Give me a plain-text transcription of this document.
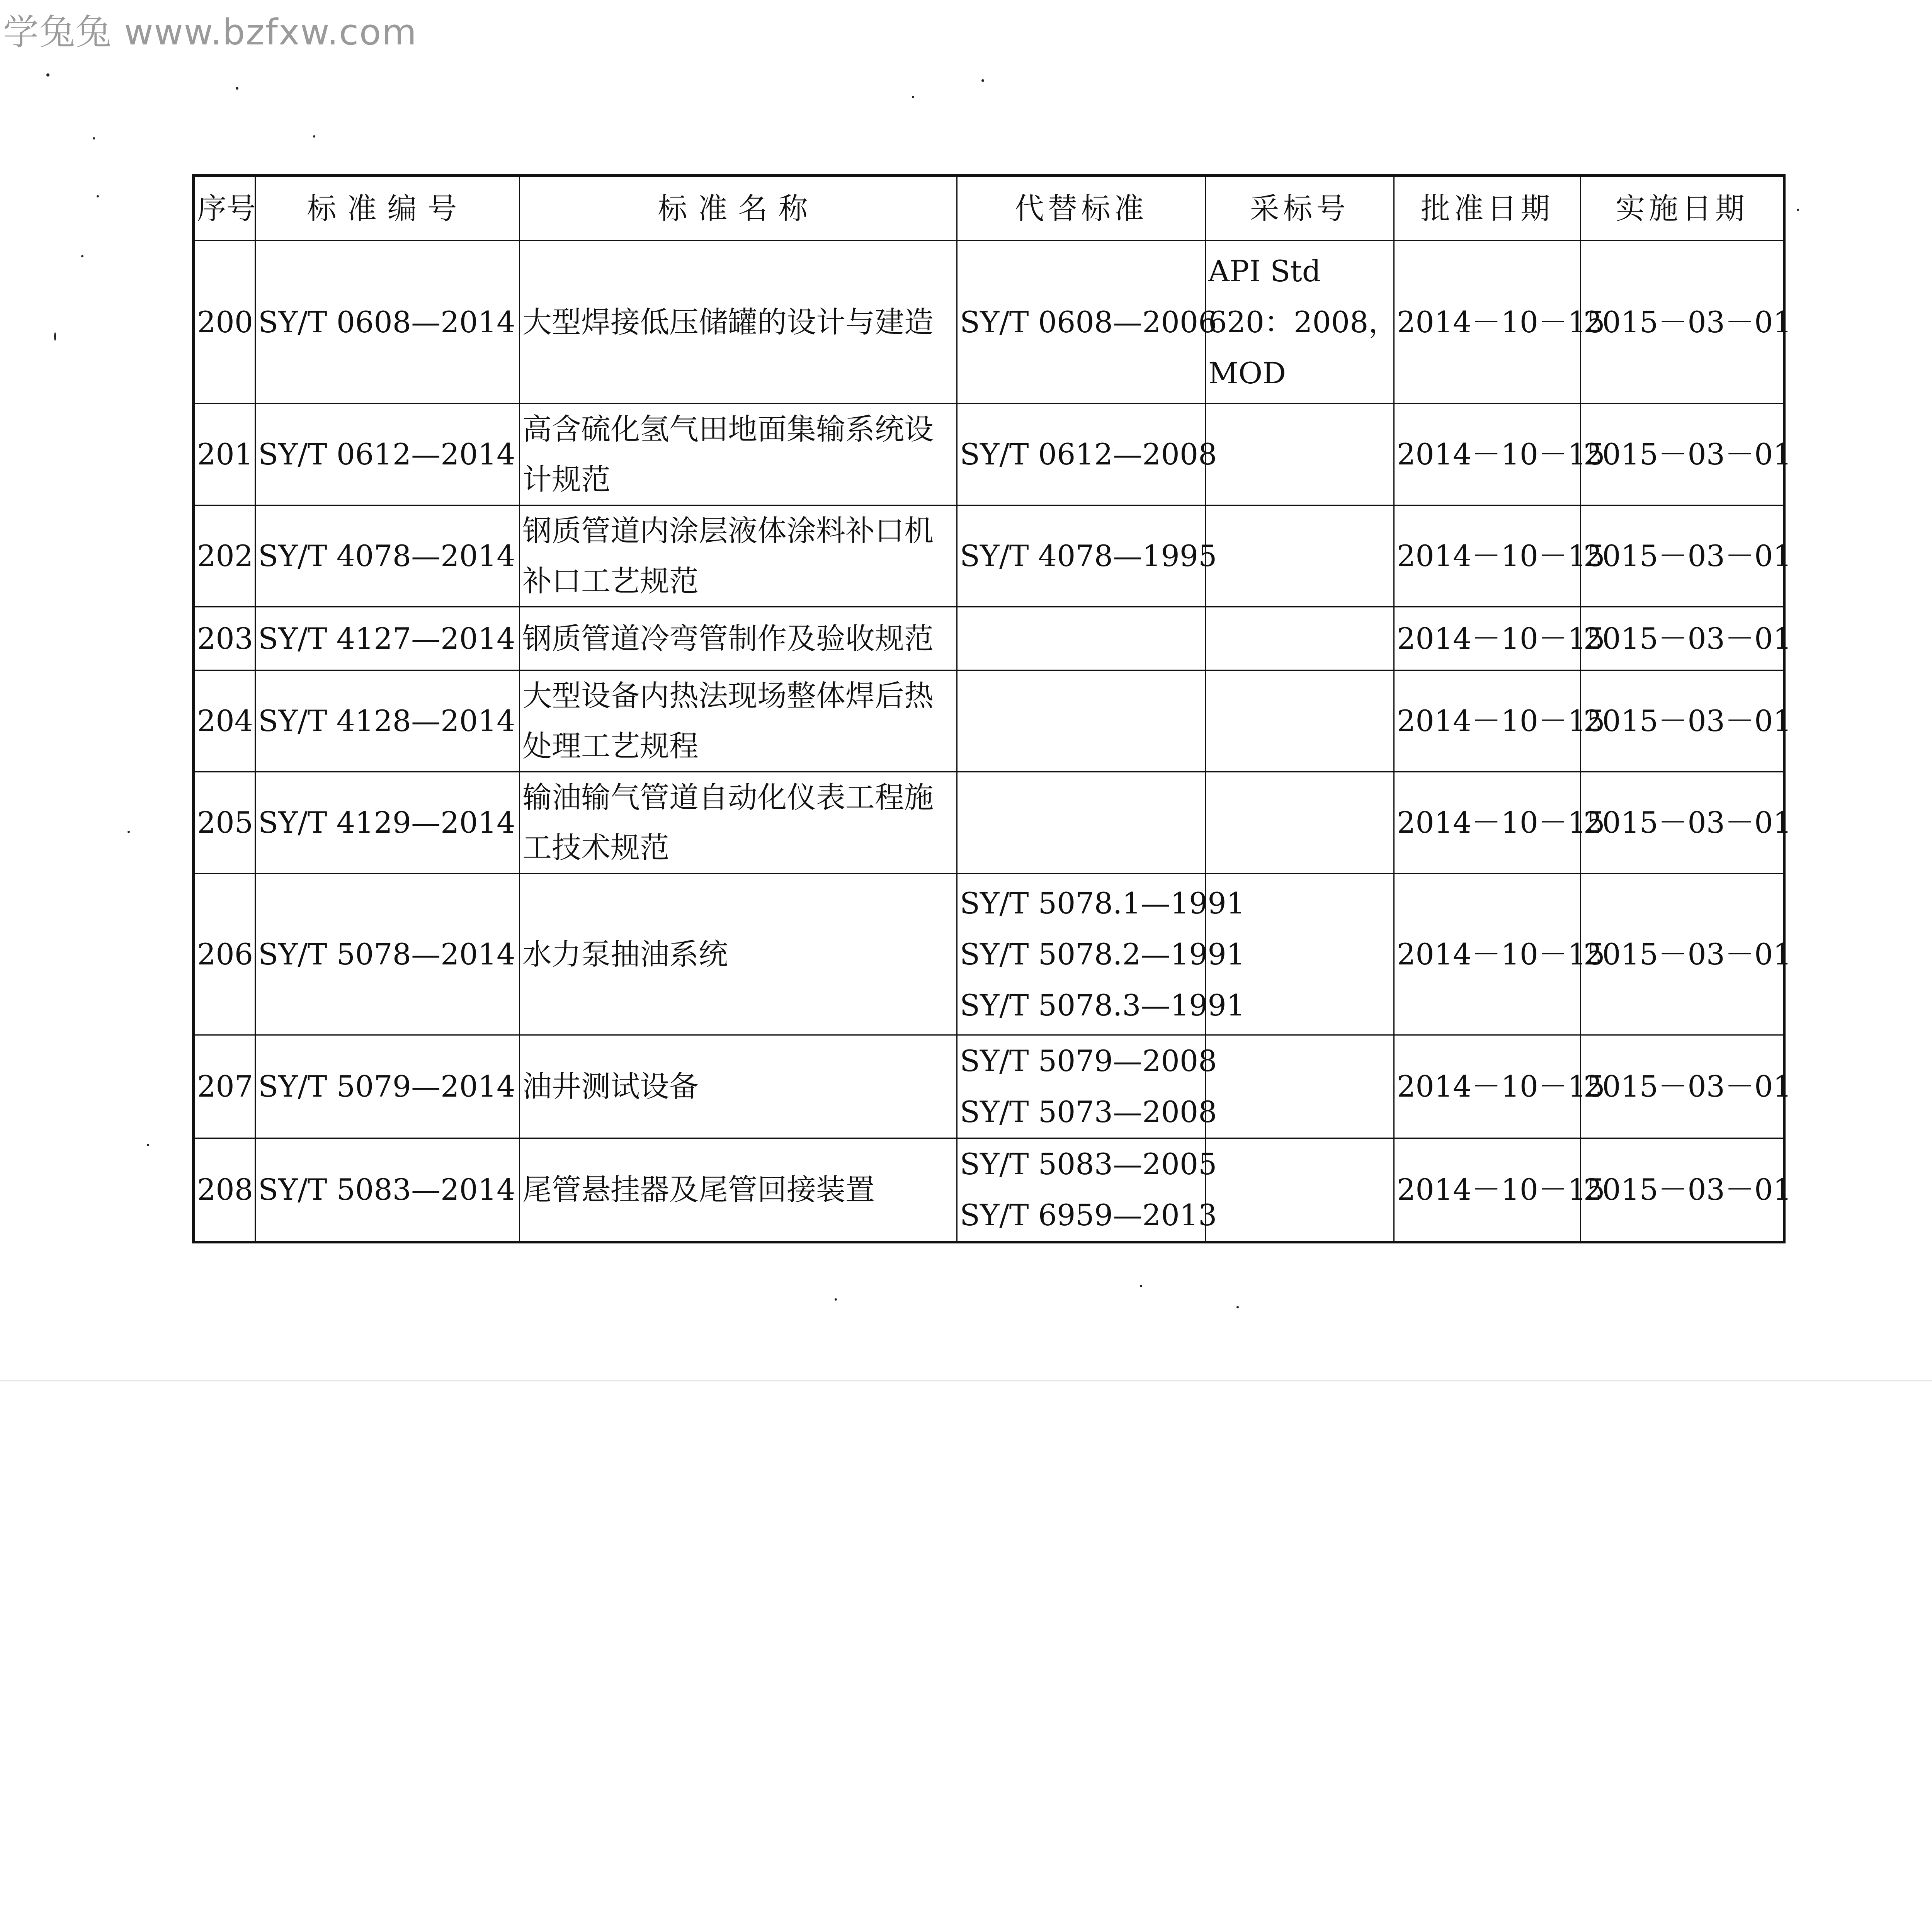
学兔兔 www.bzfxw.com
序号	标准编号	标准名称	代替标准	采标号	批准日期	实施日期
200	SY/T 0608—2014	大型焊接低压储罐的设计与建造	SY/T 0608—2006	API Std
620：2008，
MOD	2014－10－15	2015－03－01
201	SY/T 0612—2014	高含硫化氢气田地面集输系统设计规范	SY/T 0612—2008		2014－10－15	2015－03－01
202	SY/T 4078—2014	钢质管道内涂层液体涂料补口机补口工艺规范	SY/T 4078—1995		2014－10－15	2015－03－01
203	SY/T 4127—2014	钢质管道冷弯管制作及验收规范			2014－10－15	2015－03－01
204	SY/T 4128—2014	大型设备内热法现场整体焊后热处理工艺规程			2014－10－15	2015－03－01
205	SY/T 4129—2014	输油输气管道自动化仪表工程施工技术规范			2014－10－15	2015－03－01
206	SY/T 5078—2014	水力泵抽油系统	SY/T 5078.1—1991
SY/T 5078.2—1991
SY/T 5078.3—1991		2014－10－15	2015－03－01
207	SY/T 5079—2014	油井测试设备	SY/T 5079—2008
SY/T 5073—2008		2014－10－15	2015－03－01
208	SY/T 5083—2014	尾管悬挂器及尾管回接装置	SY/T 5083—2005
SY/T 6959—2013		2014－10－15	2015－03－01
